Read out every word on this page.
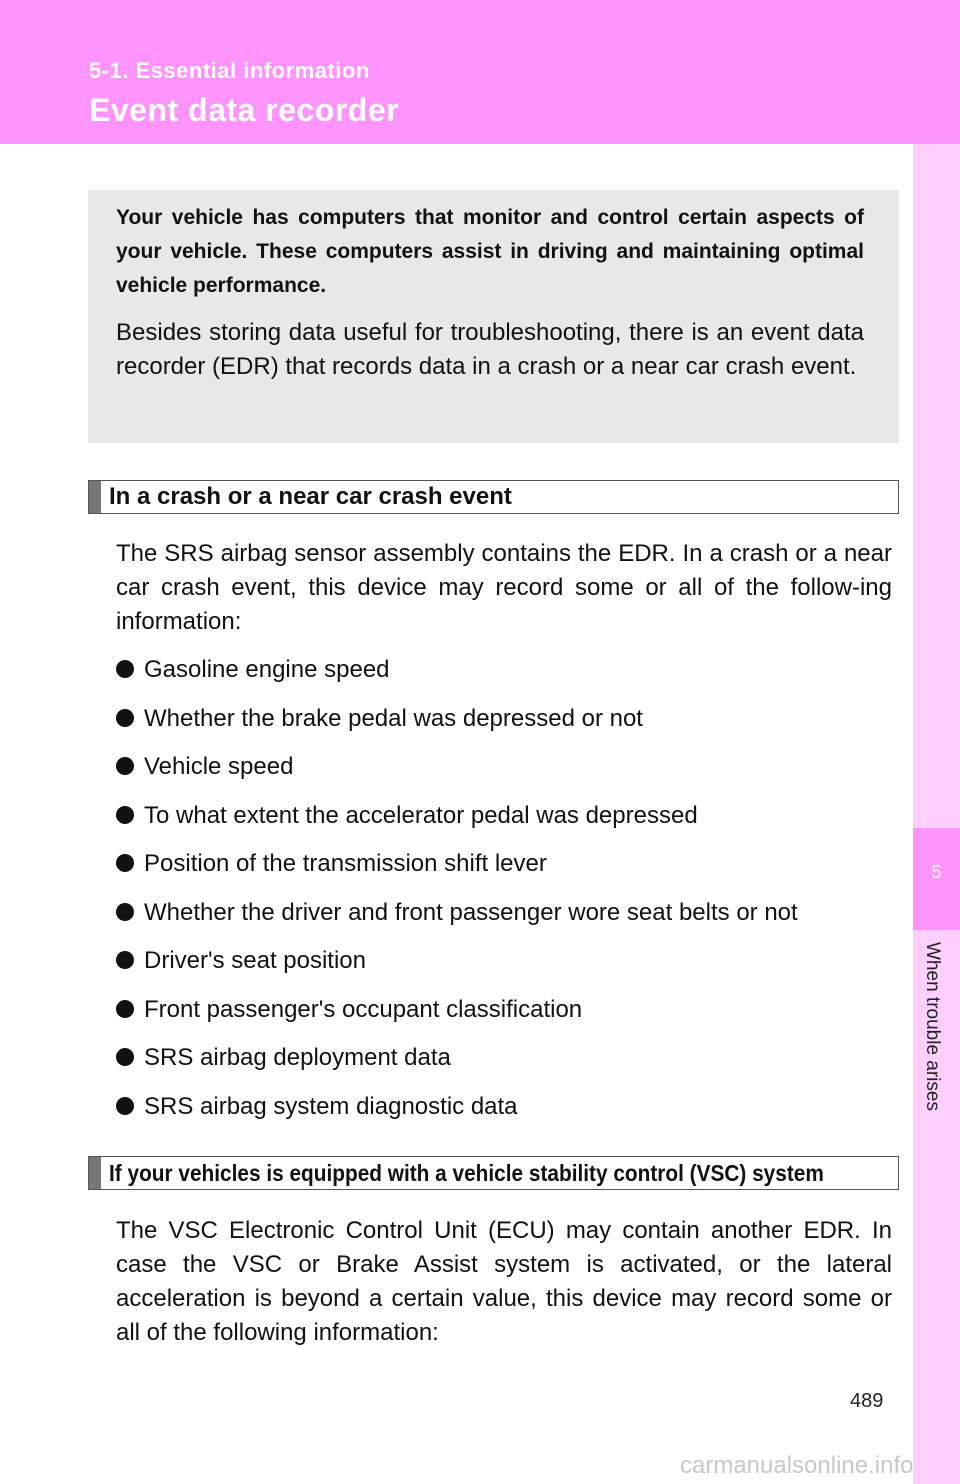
5-1. Essential information
Event data recorder
5
When trouble arises
Your vehicle has computers that monitor and control certain aspects of your vehicle. These computers assist in driving and maintaining optimal vehicle performance.
Besides storing data useful for troubleshooting, there is an event data recorder (EDR) that records data in a crash or a near car crash event.
In a crash or a near car crash event
The SRS airbag sensor assembly contains the EDR. In a crash or a near car crash event, this device may record some or all of the follow-ing information:
Gasoline engine speed
Whether the brake pedal was depressed or not
Vehicle speed
To what extent the accelerator pedal was depressed
Position of the transmission shift lever
Whether the driver and front passenger wore seat belts or not
Driver's seat position
Front passenger's occupant classification
SRS airbag deployment data
SRS airbag system diagnostic data
If your vehicles is equipped with a vehicle stability control (VSC) system
The VSC Electronic Control Unit (ECU) may contain another EDR. In case the VSC or Brake Assist system is activated, or the lateral acceleration is beyond a certain value, this device may record some or all of the following information:
489
carmanualsonline.info
